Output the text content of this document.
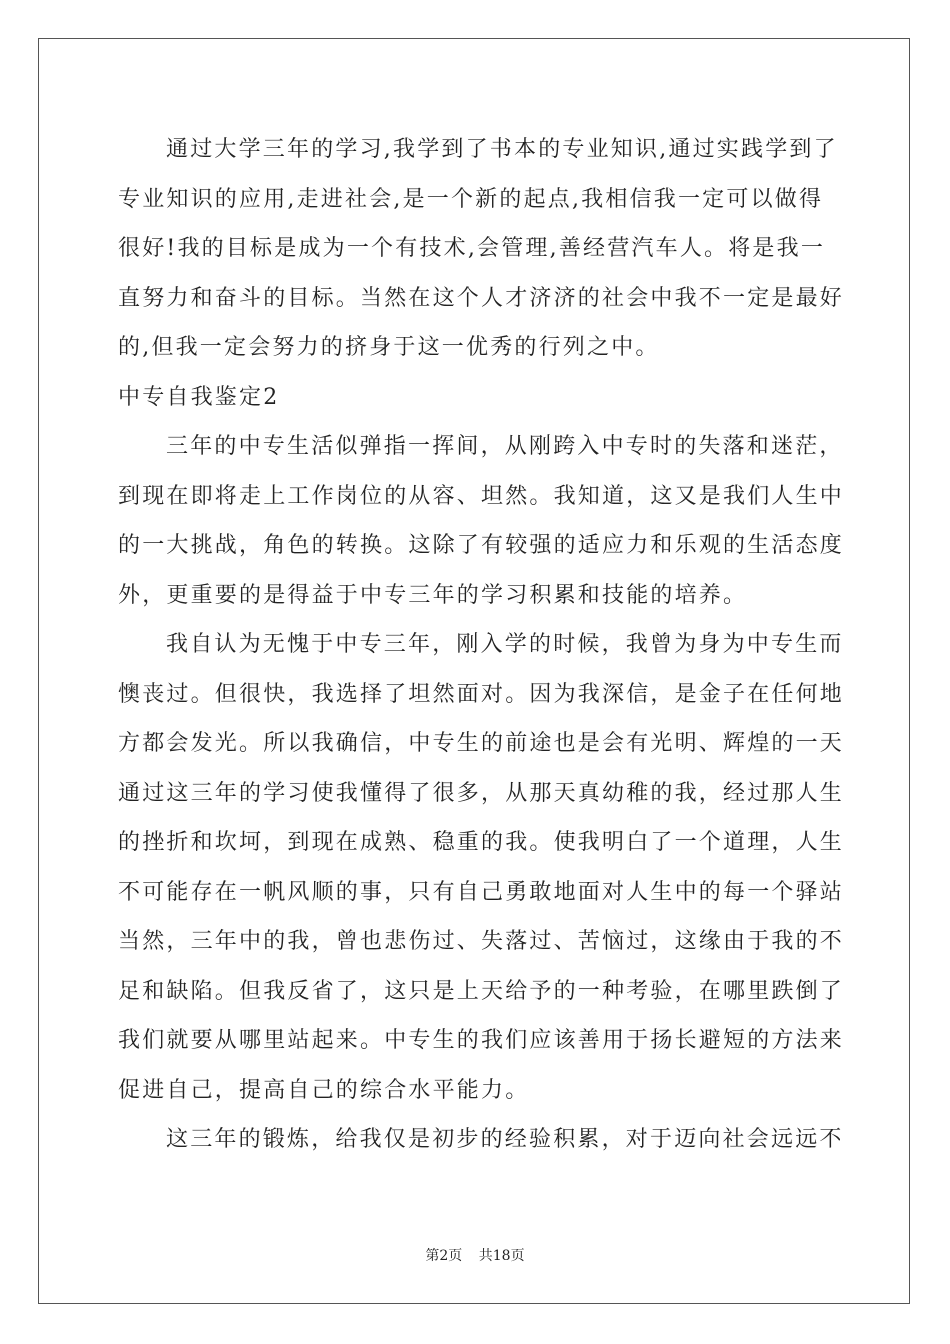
通过大学三年的学习,我学到了书本的专业知识,通过实践学到了
专业知识的应用,走进社会,是一个新的起点,我相信我一定可以做得
很好!我的目标是成为一个有技术,会管理,善经营汽车人。将是我一
直努力和奋斗的目标。当然在这个人才济济的社会中我不一定是最好
的,但我一定会努力的挤身于这一优秀的行列之中。
中专自我鉴定2
三年的中专生活似弹指一挥间，从刚跨入中专时的失落和迷茫，
到现在即将走上工作岗位的从容、坦然。我知道，这又是我们人生中
的一大挑战，角色的转换。这除了有较强的适应力和乐观的生活态度
外，更重要的是得益于中专三年的学习积累和技能的培养。
我自认为无愧于中专三年，刚入学的时候，我曾为身为中专生而
懊丧过。但很快，我选择了坦然面对。因为我深信，是金子在任何地
方都会发光。所以我确信，中专生的前途也是会有光明、辉煌的一天
通过这三年的学习使我懂得了很多，从那天真幼稚的我，经过那人生
的挫折和坎坷，到现在成熟、稳重的我。使我明白了一个道理，人生
不可能存在一帆风顺的事，只有自己勇敢地面对人生中的每一个驿站
当然，三年中的我，曾也悲伤过、失落过、苦恼过，这缘由于我的不
足和缺陷。但我反省了，这只是上天给予的一种考验，在哪里跌倒了
我们就要从哪里站起来。中专生的我们应该善用于扬长避短的方法来
促进自己，提高自己的综合水平能力。
这三年的锻炼，给我仅是初步的经验积累，对于迈向社会远远不
第2页 共18页
